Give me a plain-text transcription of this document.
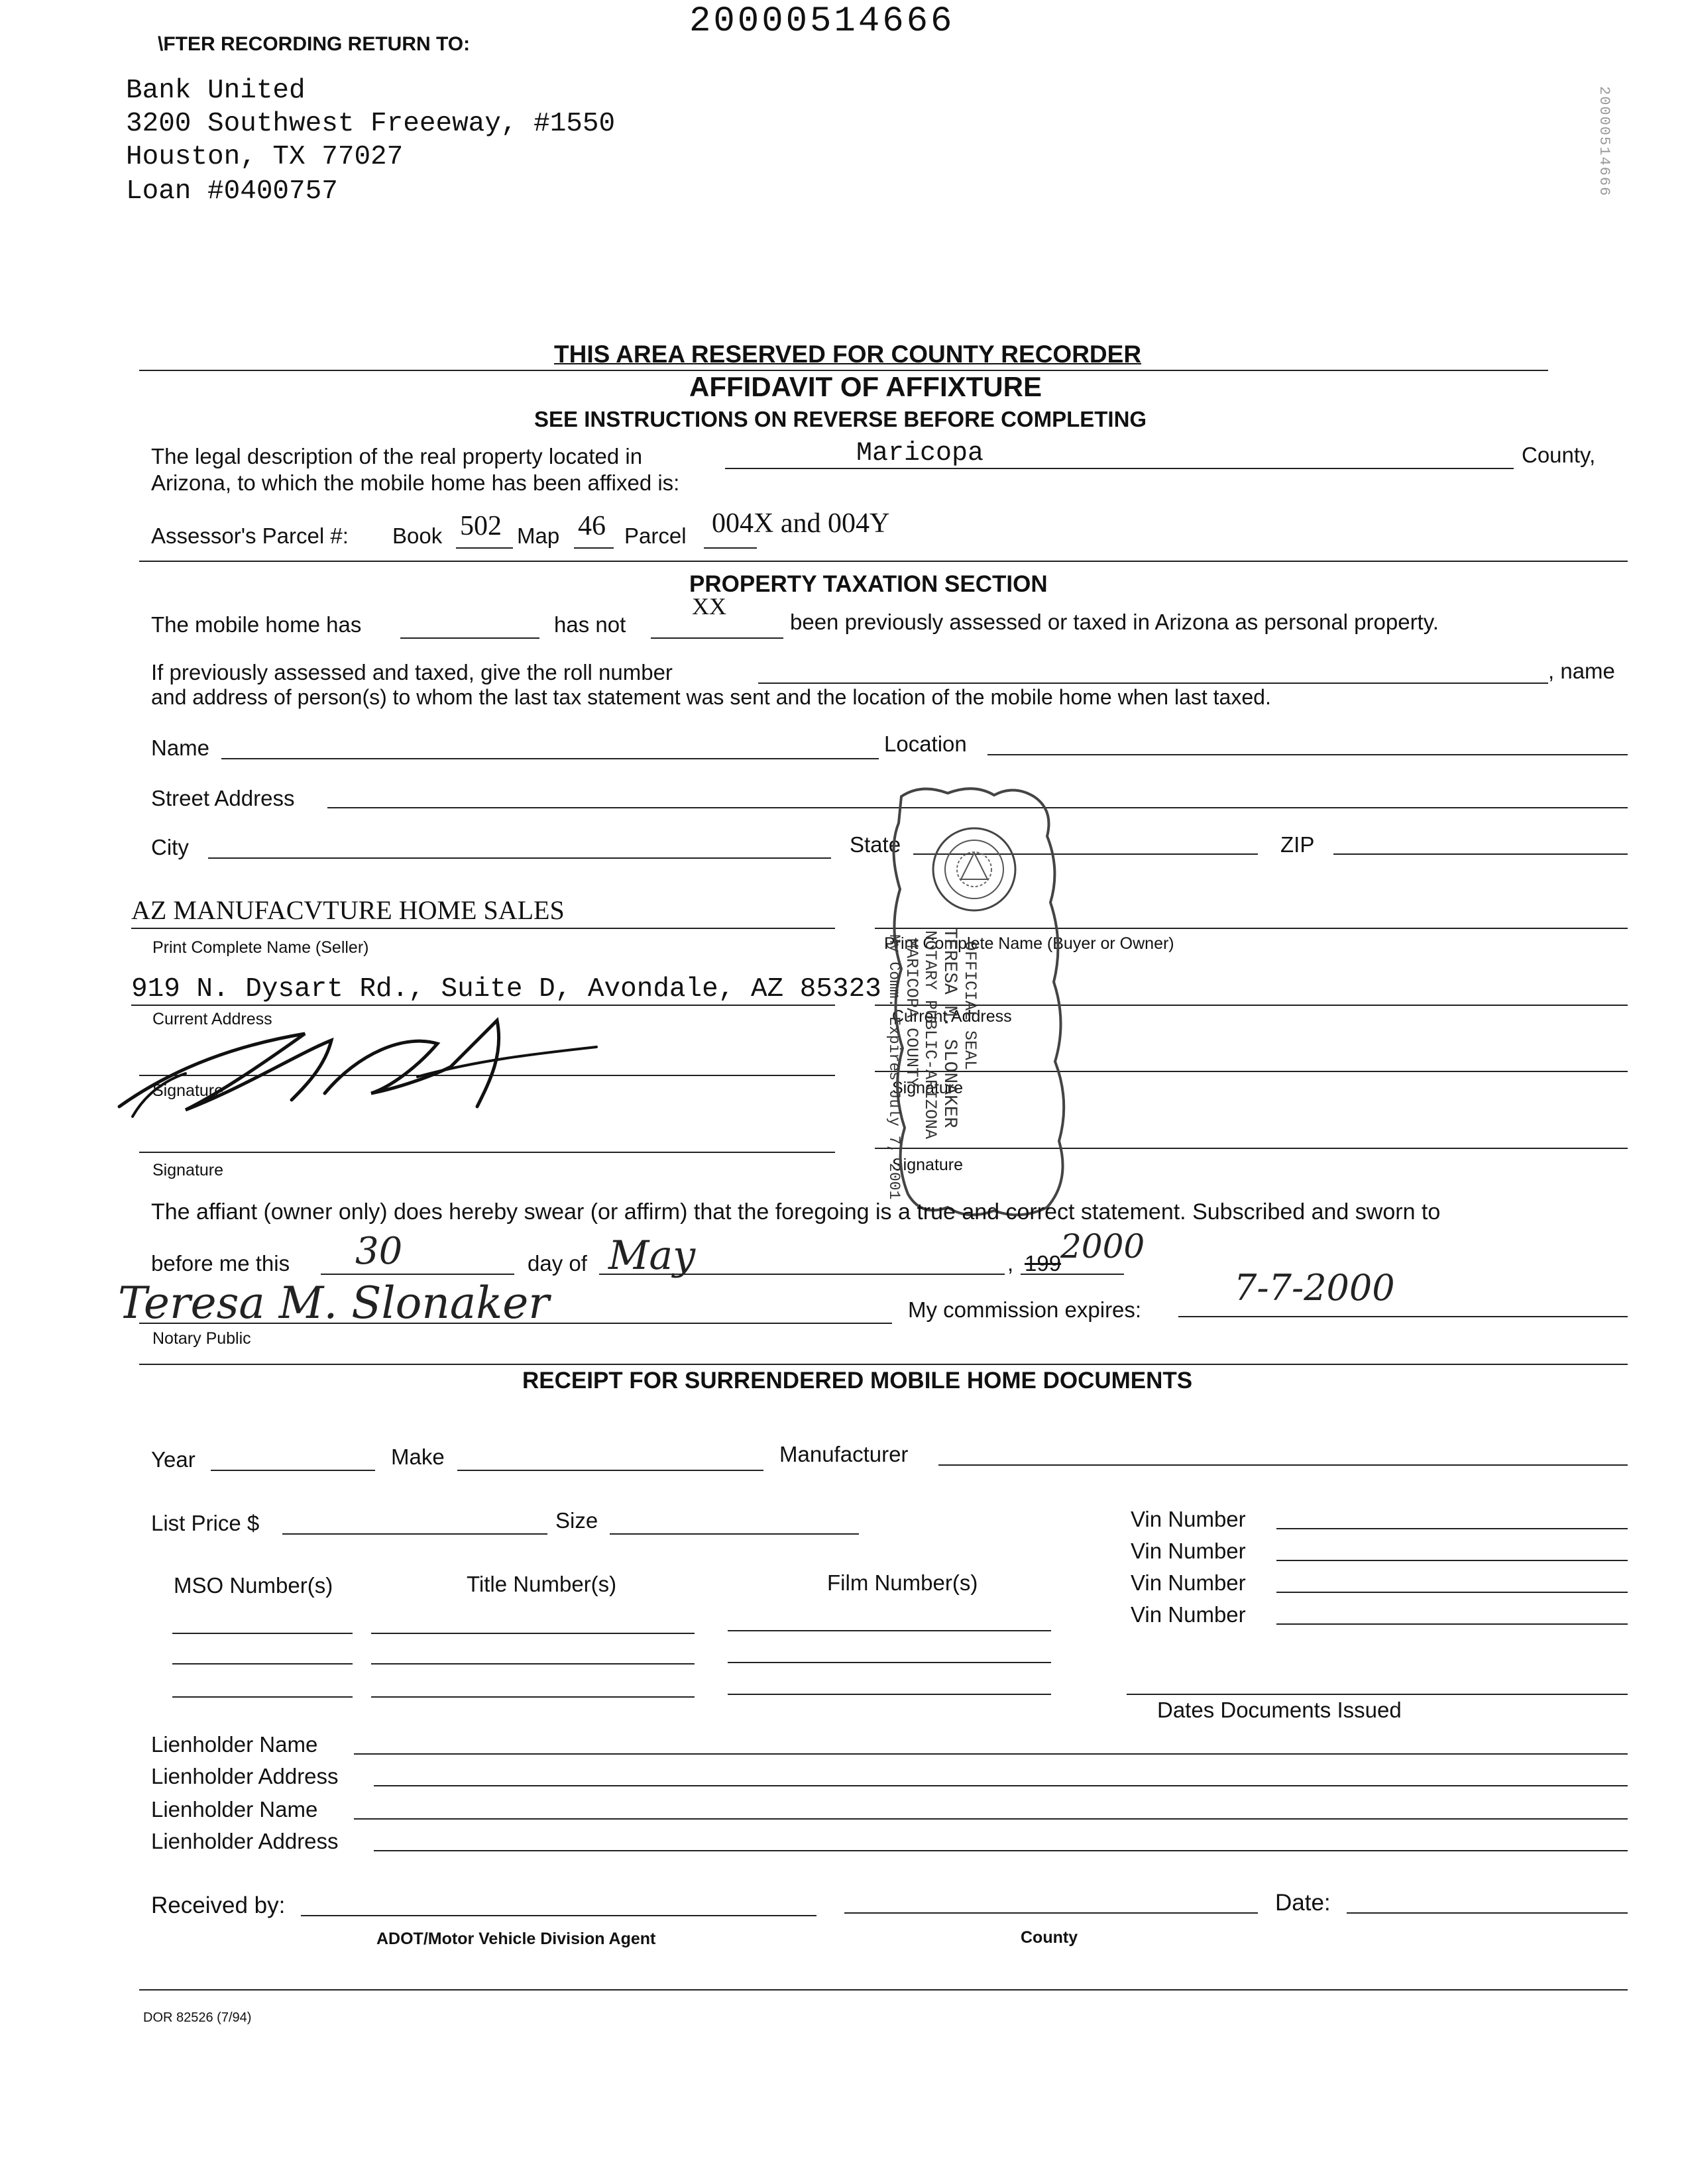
20000514666
20000514666
\FTER RECORDING RETURN TO:
Bank United
3200 Southwest Freeeway, #1550
Houston, TX 77027
Loan #0400757
THIS AREA RESERVED FOR COUNTY RECORDER
AFFIDAVIT OF AFFIXTURE
SEE INSTRUCTIONS ON REVERSE BEFORE COMPLETING
The legal description of the real property located in	Maricopa	County,
Arizona, to which the mobile home has been affixed is:
Assessor's Parcel #: Book 502 Map 46 Parcel 004X and 004Y
PROPERTY TAXATION SECTION
The mobile home has	has not
XX
been previously assessed or taxed in Arizona as personal property.
If previously assessed and taxed, give the roll number	, name
and address of person(s) to whom the last tax statement was sent and the location of the mobile home when last taxed.
Name	Location
Street Address
City	State	ZIP
AZ MANUFACVTURE HOME SALES
Print Complete Name (Seller)	Print Complete Name (Buyer or Owner)
919 N. Dysart Rd., Suite D, Avondale, AZ 85323
Current Address	Current Address
Signature	Signature
Signature	Signature
OFFICIAL SEAL
TERESA M. SLONAKER
NOTARY PUBLIC-ARIZONA
MARICOPA COUNTY
My Comm. Expires July 7, 2001
The affiant (owner only) does hereby swear (or affirm) that the foregoing is a true and correct statement. Subscribed and sworn to
before me this 30	day of May	, 199
2000
Teresa M. Slonaker
Notary Public
My commission expires:
7-7-2000
RECEIPT FOR SURRENDERED MOBILE HOME DOCUMENTS
Year	Make	Manufacturer
List Price $	Size	Vin Number
Vin Number
Vin Number
Vin Number
MSO Number(s)	Title Number(s)	Film Number(s)
Dates Documents Issued
Lienholder Name
Lienholder Address
Lienholder Name
Lienholder Address
Received by:	Date:
ADOT/Motor Vehicle Division Agent	County
DOR 82526 (7/94)
